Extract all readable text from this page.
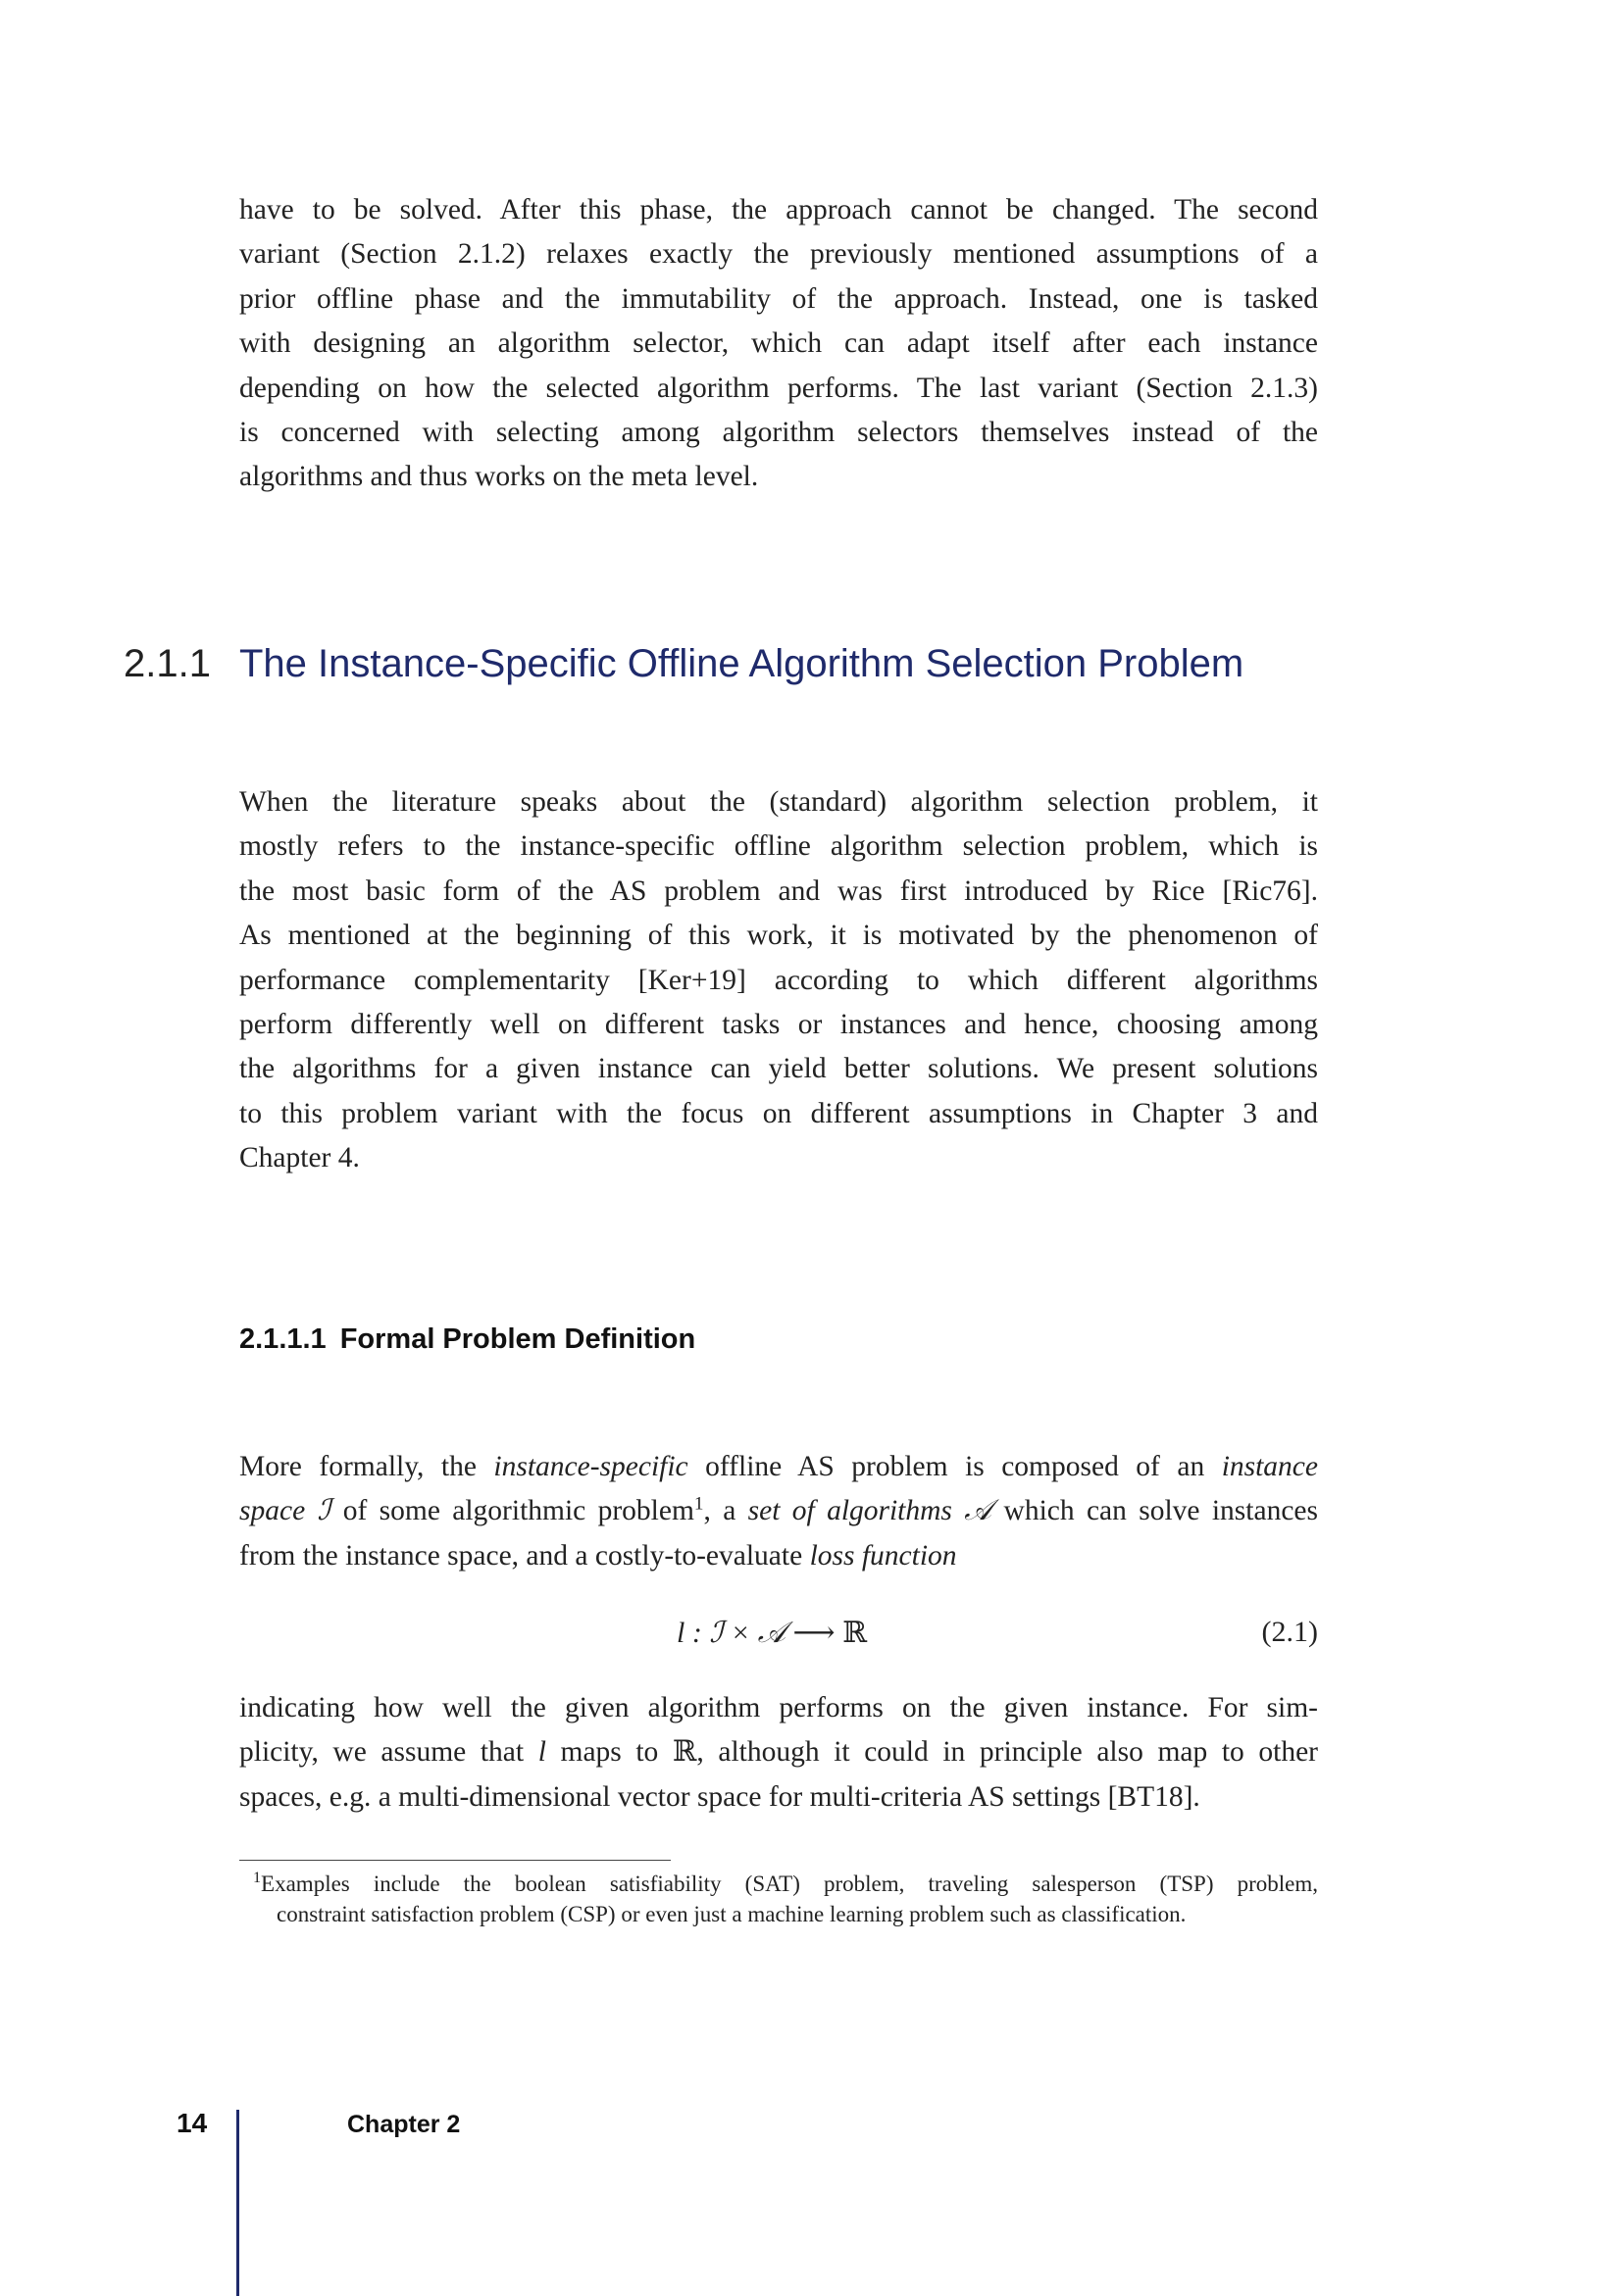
have to be solved. After this phase, the approach cannot be changed. The second
variant (Section 2.1.2) relaxes exactly the previously mentioned assumptions of a
prior offline phase and the immutability of the approach. Instead, one is tasked
with designing an algorithm selector, which can adapt itself after each instance
depending on how the selected algorithm performs. The last variant (Section 2.1.3)
is concerned with selecting among algorithm selectors themselves instead of the
algorithms and thus works on the meta level.
2.1.1 The Instance-Specific Offline Algorithm Selection Problem
When the literature speaks about the (standard) algorithm selection problem, it
mostly refers to the instance-specific offline algorithm selection problem, which is
the most basic form of the AS problem and was first introduced by Rice [Ric76].
As mentioned at the beginning of this work, it is motivated by the phenomenon of
performance complementarity [Ker+19] according to which different algorithms
perform differently well on different tasks or instances and hence, choosing among
the algorithms for a given instance can yield better solutions. We present solutions
to this problem variant with the focus on different assumptions in Chapter 3 and
Chapter 4.
2.1.1.1 Formal Problem Definition
More formally, the instance-specific offline AS problem is composed of an instance
space ℐ of some algorithmic problem$^1$, a set of algorithms 𝒜 which can solve instances
from the instance space, and a costly-to-evaluate loss function
l : ℐ × 𝒜 ⟶ ℝ	(2.1)
indicating how well the given algorithm performs on the given instance. For sim-
plicity, we assume that l maps to ℝ, although it could in principle also map to other
spaces, e.g. a multi-dimensional vector space for multi-criteria AS settings [BT18].
$^1$Examples include the boolean satisfiability (SAT) problem, traveling salesperson (TSP) problem,
constraint satisfaction problem (CSP) or even just a machine learning problem such as classification.
14	Chapter 2
